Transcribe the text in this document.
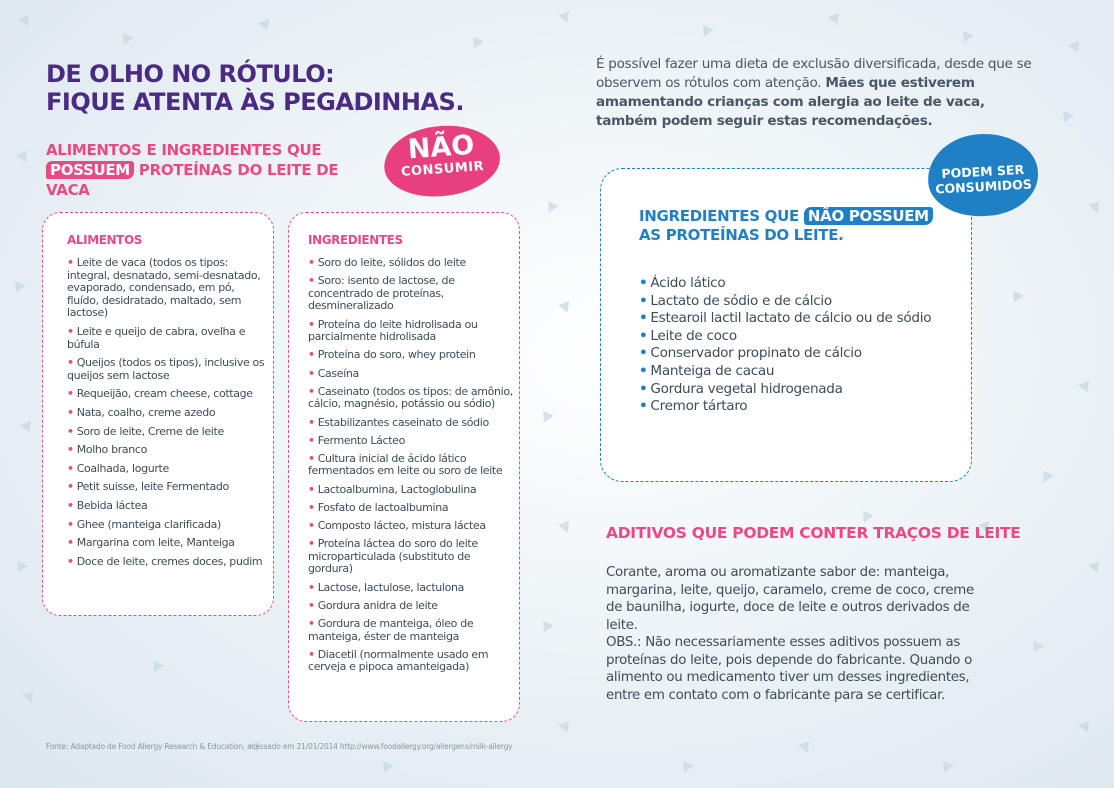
DE OLHO NO RÓTULO:
FIQUE ATENTA ÀS PEGADINHAS.
ALIMENTOS E INGREDIENTES QUE
POSSUEM PROTEÍNAS DO LEITE DE VACA
NÃO
CONSUMIR
ALIMENTOS
• Leite de vaca (todos os tipos: integral, desnatado, semi-desnatado, evaporado, condensado, em pó, fluído, desidratado, maltado, sem lactose)
• Leite e queijo de cabra, ovelha e búfula
• Queijos (todos os tipos), inclusive os queijos sem lactose
• Requeijão, cream cheese, cottage
• Nata, coalho, creme azedo
• Soro de leite, Creme de leite
• Molho branco
• Coalhada, Iogurte
• Petit suisse, leite Fermentado
• Bebida láctea
• Ghee (manteiga clarificada)
• Margarina com leite, Manteiga
• Doce de leite, cremes doces, pudim
INGREDIENTES
• Soro do leite, sólidos do leite
• Soro: isento de lactose, de concentrado de proteínas, desmineralizado
• Proteína do leite hidrolisada ou parcialmente hidrolisada
• Proteína do soro, whey protein
• Caseína
• Caseinato (todos os tipos: de amônio, cálcio, magnésio, potássio ou sódio)
• Estabilizantes caseinato de sódio
• Fermento Lácteo
• Cultura inicial de ácido lático fermentados em leite ou soro de leite
• Lactoalbumina, Lactoglobulina
• Fosfato de lactoalbumina
• Composto lácteo, mistura láctea
• Proteína láctea do soro do leite microparticulada (substituto de gordura)
• Lactose, lactulose, lactulona
• Gordura anidra de leite
• Gordura de manteiga, óleo de manteiga, éster de manteiga
• Diacetil (normalmente usado em cerveja e pipoca amanteigada)

É possível fazer uma dieta de exclusão diversificada, desde que se observem os rótulos com atenção. Mães que estiverem amamentando crianças com alergia ao leite de vaca, também podem seguir estas recomendações.

INGREDIENTES QUE NÃO POSSUEM
AS PROTEÍNAS DO LEITE.
• Ácido lático
• Lactato de sódio e de cálcio
• Estearoil lactil lactato de cálcio ou de sódio
• Leite de coco
• Conservador propinato de cálcio
• Manteiga de cacau
• Gordura vegetal hidrogenada
• Cremor tártaro
PODEM SER
CONSUMIDOS
ADITIVOS QUE PODEM CONTER TRAÇOS DE LEITE

Corante, aroma ou aromatizante sabor de: manteiga, margarina, leite, queijo, caramelo, creme de coco, creme de baunilha, iogurte, doce de leite e outros derivados de leite.

OBS.: Não necessariamente esses aditivos possuem as proteínas do leite, pois depende do fabricante. Quando o alimento ou medicamento tiver um desses ingredientes, entre em contato com o fabricante para se certificar.

Fonte: Adaptado de Food Allergy Research & Education, acessado em 21/01/2014 http://www.foodallergy.org/allergens/milk-allergy
